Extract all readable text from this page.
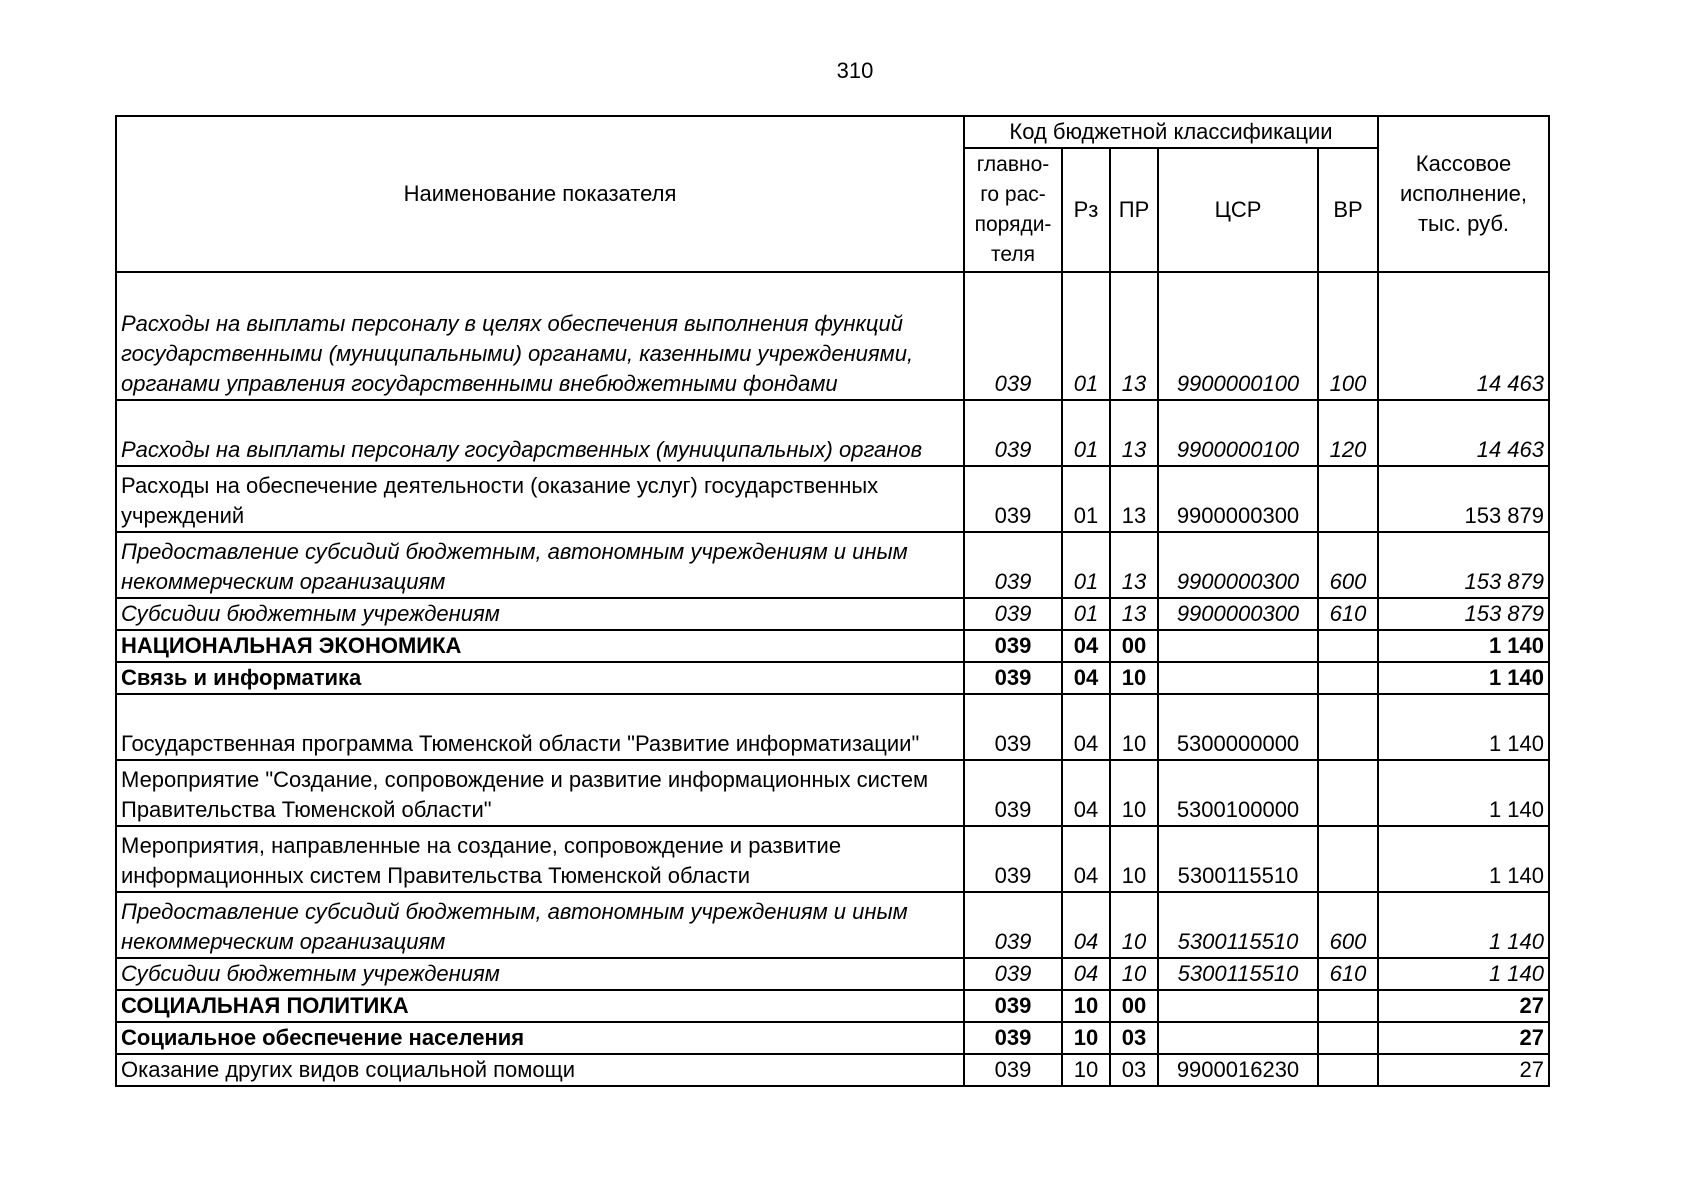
310
Наименование показателя	Код бюджетной классификации					Кассовое исполнение, тыс. руб.
	главно-го рас-поряди-теля	Рз	ПР	ЦСР	ВР	
Расходы на выплаты персоналу в целях обеспечения выполнения функций государственными (муниципальными) органами, казенными учреждениями, органами управления государственными внебюджетными фондами	039	01	13	9900000100	100	14 463
Расходы на выплаты персоналу государственных (муниципальных) органов	039	01	13	9900000100	120	14 463
Расходы на обеспечение деятельности (оказание услуг) государственных учреждений	039	01	13	9900000300		153 879
Предоставление субсидий бюджетным, автономным учреждениям и иным некоммерческим организациям	039	01	13	9900000300	600	153 879
Субсидии бюджетным учреждениям	039	01	13	9900000300	610	153 879
НАЦИОНАЛЬНАЯ ЭКОНОМИКА	039	04	00			1 140
Связь и информатика	039	04	10			1 140
Государственная программа Тюменской области "Развитие информатизации"	039	04	10	5300000000		1 140
Мероприятие "Создание, сопровождение и развитие информационных систем Правительства Тюменской области"	039	04	10	5300100000		1 140
Мероприятия, направленные на создание, сопровождение и развитие информационных систем Правительства Тюменской области	039	04	10	5300115510		1 140
Предоставление субсидий бюджетным, автономным учреждениям и иным некоммерческим организациям	039	04	10	5300115510	600	1 140
Субсидии бюджетным учреждениям	039	04	10	5300115510	610	1 140
СОЦИАЛЬНАЯ ПОЛИТИКА	039	10	00			27
Социальное обеспечение населения	039	10	03			27
Оказание других видов социальной помощи	039	10	03	9900016230		27
